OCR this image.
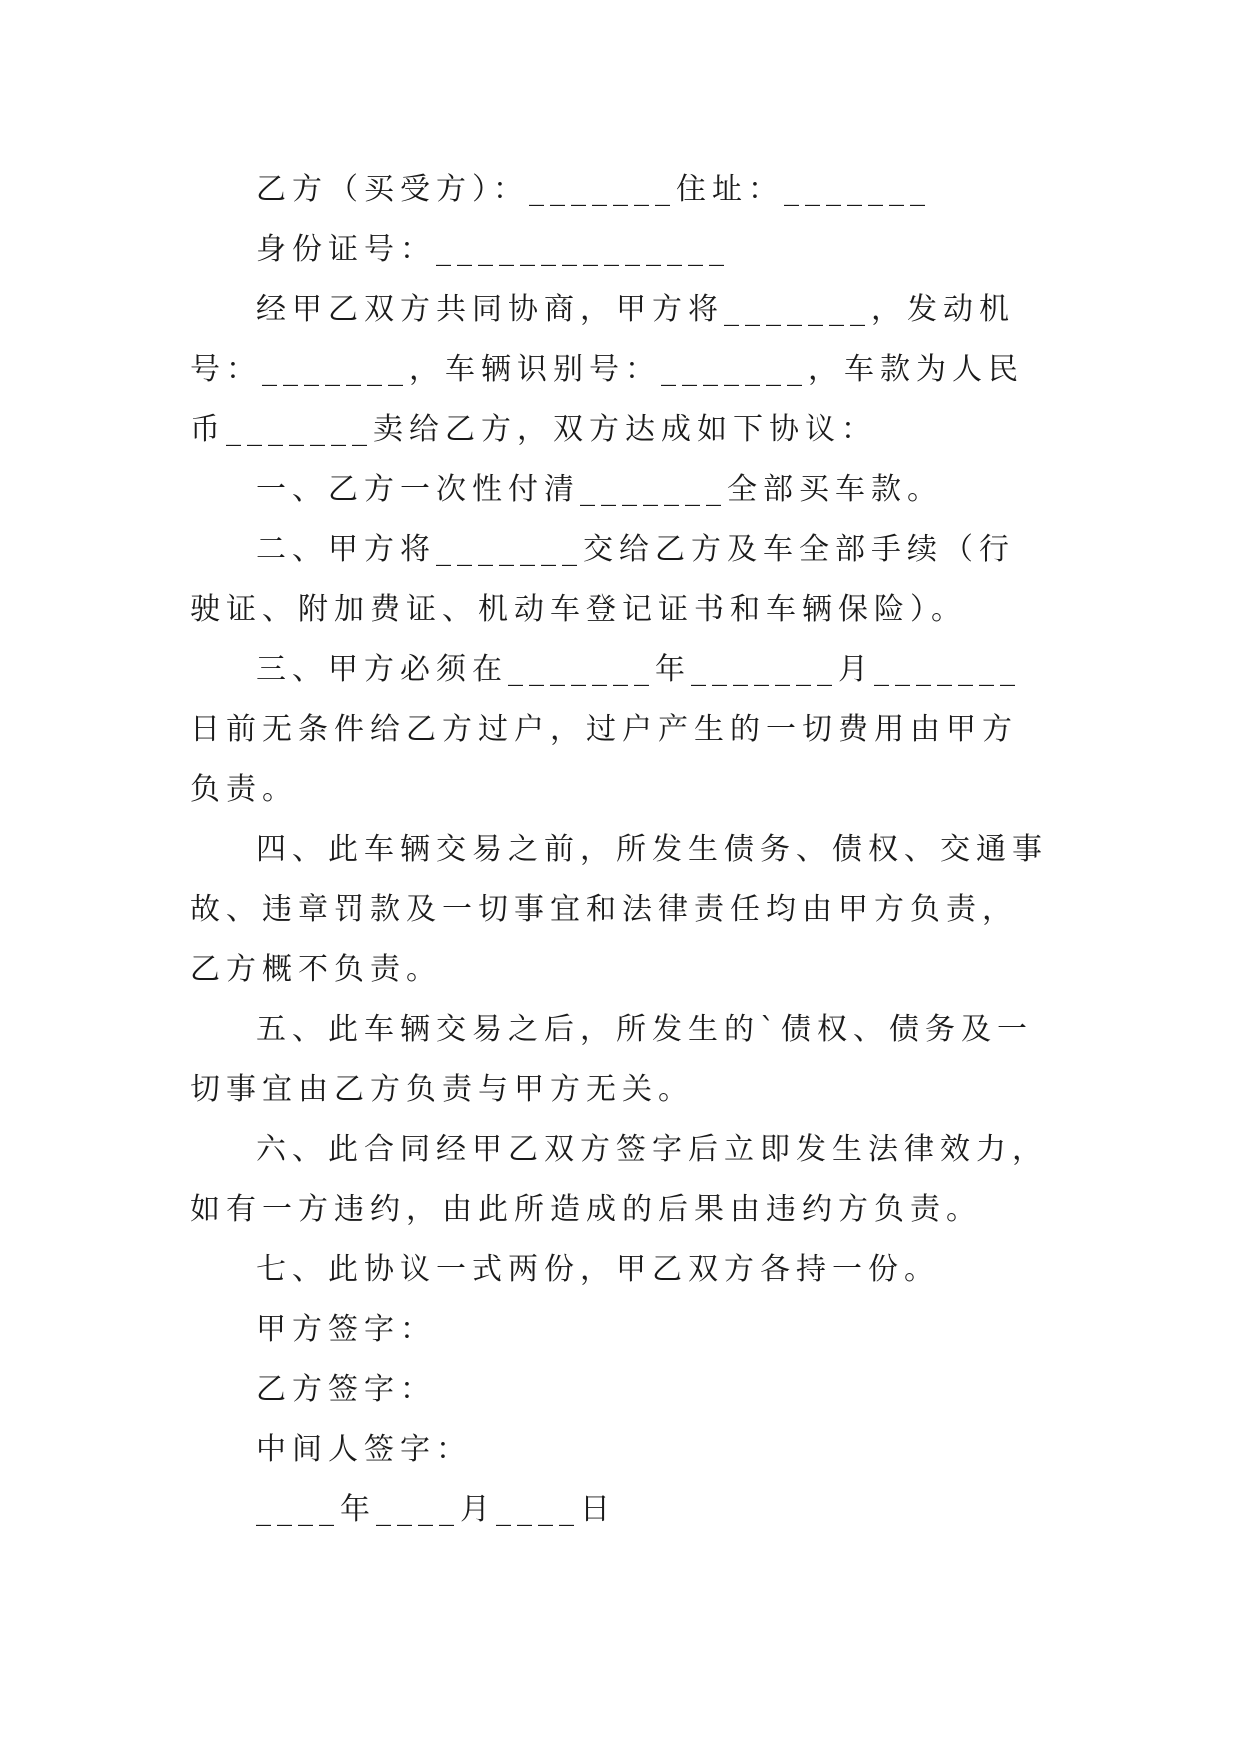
乙方（买受方）：_______住址：_______

身份证号：______________

经甲乙双方共同协商，甲方将_______，发动机号：_______，车辆识别号：_______，车款为人民币_______卖给乙方，双方达成如下协议：

一、乙方一次性付清_______全部买车款。

二、甲方将_______交给乙方及车全部手续（行驶证、附加费证、机动车登记证书和车辆保险）。

三、甲方必须在_______年_______月_______日前无条件给乙方过户，过户产生的一切费用由甲方负责。

四、此车辆交易之前，所发生债务、债权、交通事故、违章罚款及一切事宜和法律责任均由甲方负责，乙方概不负责。

五、此车辆交易之后，所发生的`债权、债务及一切事宜由乙方负责与甲方无关。

六、此合同经甲乙双方签字后立即发生法律效力，如有一方违约，由此所造成的后果由违约方负责。

七、此协议一式两份，甲乙双方各持一份。

甲方签字：

乙方签字：

中间人签字：

____年____月____日
